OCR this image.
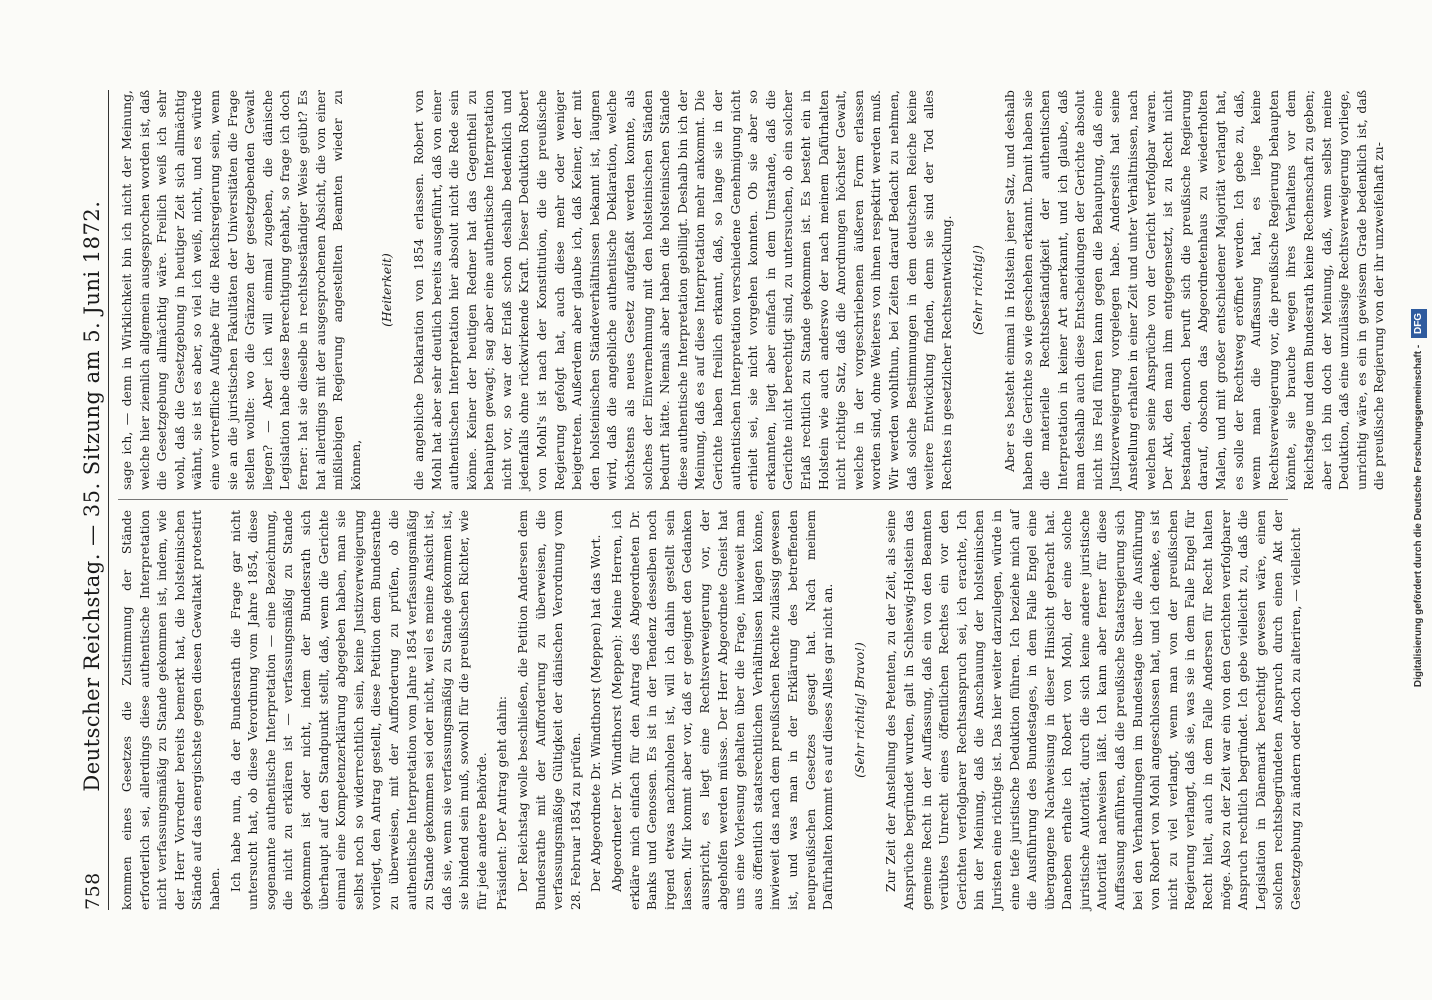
758
Deutscher Reichstag. — 35. Sitzung am 5. Juni 1872. kommen eines Gesetzes die Zustimmung der Stände erforderlich sei, allerdings diese authentische Interpretation nicht verfassungsmäßig zu Stande gekommen ist, indem, wie der Herr Vorredner bereits bemerkt hat, die holsteinischen Stände auf das energischste gegen diesen Gewaltakt protestirt haben. Ich habe nun, da der Bundesrath die Frage gar nicht untersucht hat, ob diese Verordnung vom Jahre 1854, diese sogenannte authentische Interpretation — eine Bezeichnung, die nicht zu erklären ist — verfassungsmäßig zu Stande gekommen ist oder nicht, indem der Bundesrath sich überhaupt auf den Standpunkt stellt, daß, wenn die Gerichte einmal eine Kompetenzerklärung abgegeben haben, man sie selbst noch so widerrechtlich sein, keine Justizverweigerung vorliegt, den Antrag gestellt, diese Petition dem Bundesrathe zu überweisen, mit der Aufforderung zu prüfen, ob die authentische Interpretation vom Jahre 1854 verfassungsmäßig zu Stande gekommen sei oder nicht, weil es meine Ansicht ist, daß sie, wenn sie verfassungsmäßig zu Stande gekommen ist, sie bindend sein muß, sowohl für die preußischen Richter, wie für jede andere Behörde. Präsident: Der Antrag geht dahin: Der Reichstag wolle beschließen, die Petition Andersen dem Bundesrathe mit der Aufforderung zu überweisen, die verfassungsmäßige Gültigkeit der dänischen Verordnung vom 28. Februar 1854 zu prüfen. Der Abgeordnete Dr. Windthorst (Meppen) hat das Wort. Abgeordneter Dr. Windthorst (Meppen): Meine Herren, ich erkläre mich einfach für den Antrag des Abgeordneten Dr. Banks und Genossen. Es ist in der Tendenz desselben noch irgend etwas nachzuholen ist, will ich dahin gestellt sein lassen. Mir kommt aber vor, daß er geeignet den Gedanken ausspricht, es liegt eine Rechtsverweigerung vor, der abgeholfen werden müsse. Der Herr Abgeordnete Gneist hat uns eine Vorlesung gehalten über die Frage, inwieweit man aus öffentlich staatsrechtlichen Verhältnissen klagen könne, inwieweit das nach dem preußischen Rechte zulässig gewesen ist, und was man in der Erklärung des betreffenden neupreußischen Gesetzes gesagt hat. Nach meinem Dafürhalten kommt es auf dieses Alles gar nicht an. (Sehr richtig! Bravo!) Zur Zeit der Anstellung des Petenten, zu der Zeit, als seine Ansprüche begründet wurden, galt in Schleswig-Holstein das gemeine Recht in der Auffassung, daß ein von den Beamten verübtes Unrecht eines öffentlichen Rechtes ein vor den Gerichten verfolgbarer Rechtsanspruch sei, ich erachte, Ich bin der Meinung, daß die Anschauung der holsteinischen Juristen eine richtige ist. Das hier weiter darzulegen, würde in eine tiefe juristische Deduktion führen. Ich beziehe mich auf die Ausführung des Bundestages, in dem Falle Engel eine übergangene Nachweisung in dieser Hinsicht gebracht hat. Daneben erhalte ich Robert von Mohl, der eine solche juristische Autorität, durch die sich keine andere juristische Autorität nachweisen läßt. Ich kann aber ferner für diese Auffassung anführen, daß die preußische Staatsregierung sich bei den Verhandlungen im Bundestage über die Ausführung von Robert von Mohl angeschlossen hat, und ich denke, es ist nicht zu viel verlangt, wenn man von der preußischen Regierung verlangt, daß sie, was sie in dem Falle Engel für Recht hielt, auch in dem Falle Andersen für Recht halten möge. Also zu der Zeit war ein von den Gerichten verfolgbarer Anspruch rechtlich begründet. Ich gebe vielleicht zu, daß die Legislation in Dänemark berechtigt gewesen wäre, einen solchen rechtsbegründeten Anspruch durch einen Akt der Gesetzgebung zu ändern oder doch zu alteriren, — vielleicht

sage ich, — denn in Wirklichkeit bin ich nicht der Meinung, welche hier ziemlich allgemein ausgesprochen worden ist, daß die Gesetzgebung allmächtig wäre. Freilich weiß ich sehr wohl, daß die Gesetzgebung in heutiger Zeit sich allmächtig wähnt, sie ist es aber, so viel ich weiß, nicht, und es würde eine vortreffliche Aufgabe für die Reichsregierung sein, wenn sie an die juristischen Fakultäten der Universitäten die Frage stellen wollte: wo die Gränzen der gesetzgebenden Gewalt liegen? — Aber ich will einmal zugeben, die dänische Legislation habe diese Berechtigung gehabt, so frage ich doch ferner: hat sie dieselbe in rechtsbeständiger Weise geübt? Es hat allerdings mit der ausgesprochenen Absicht, die von einer mißliebigen Regierung angestellten Beamten wieder zu können,

(Heiterkeit) die angebliche Deklaration von 1854 erlassen. Robert von Mohl hat aber sehr deutlich bereits ausgeführt, daß von einer authentischen Interpretation hier absolut nicht die Rede sein könne. Keiner der heutigen Redner hat das Gegentheil zu behaupten gewagt; sag aber eine authentische Interpretation nicht vor, so war der Erlaß schon deshalb bedenklich und jedenfalls ohne rückwirkende Kraft. Dieser Deduktion Robert von Mohl's ist nach der Konstitution, die die preußische Regierung gefolgt hat, auch diese mehr oder weniger beigetreten. Außerdem aber glaube ich, daß Keiner, der mit den holsteinischen Ständeverhältnissen bekannt ist, läugnen wird, daß die angebliche authentische Deklaration, welche höchstens als neues Gesetz aufgefaßt werden konnte, als solches der Einvernehmung mit den holsteinischen Ständen bedurft hätte. Niemals aber haben die holsteinischen Stände diese authentische Interpretation gebilligt. Deshalb bin ich der Meinung, daß es auf diese Interpretation mehr ankommt. Die Gerichte haben freilich erkannt, daß, so lange sie in der authentischen Interpretation verschiedene Genehmigung nicht erhielt sei, sie nicht vorgehen konnten. Ob sie aber so erkannten, liegt aber einfach in dem Umstande, daß die Gerichte nicht berechtigt sind, zu untersuchen, ob ein solcher Erlaß rechtlich zu Stande gekommen ist. Es besteht ein in Holstein wie auch anderswo der nach meinem Dafürhalten nicht richtige Satz, daß die Anordnungen höchster Gewalt, welche in der vorgeschriebenen äußeren Form erlassen worden sind, ohne Weiteres von ihnen respektirt werden muß. Wir werden wohlthun, bei Zeiten darauf Bedacht zu nehmen, daß solche Bestimmungen in dem deutschen Reiche keine weitere Entwicklung finden, denn sie sind der Tod alles Rechtes in gesetzlicher Rechtsentwicklung. (Sehr richtig!) Aber es besteht einmal in Holstein jener Satz, und deshalb haben die Gerichte so wie geschehen erkannt. Damit haben sie die materielle Rechtsbeständigkeit der authentischen Interpretation in keiner Art anerkannt, und ich glaube, daß man deshalb auch diese Entscheidungen der Gerichte absolut nicht ins Feld führen kann gegen die Behauptung, daß eine Justizverweigerung vorgelegen habe. Anderseits hat seine Anstellung erhalten in einer Zeit und unter Verhältnissen, nach welchen seine Ansprüche von der Gericht verfolgbar waren. Der Akt, den man ihm entgegensetzt, ist zu Recht nicht bestanden, dennoch beruft sich die preußische Regierung darauf, obschon das Abgeordnetenhaus zu wiederholten Malen, und mit großer entschiedener Majorität verlangt hat, es solle der Rechtsweg eröffnet werden. Ich gebe zu, daß, wenn man die Auffassung hat, es liege keine Rechtsverweigerung vor, die preußische Regierung behaupten könnte, sie brauche wegen ihres Verhaltens vor dem Reichstage und dem Bundesrath keine Rechenschaft zu geben; aber ich bin doch der Meinung, daß, wenn selbst meine Deduktion, daß eine unzulässige Rechtsverweigerung vorliege, unrichtig wäre, es ein in gewissem Grade bedenklich ist, daß die preußische Regierung von der ihr unzweifelhaft zu-

Digitalisierung gefördert durch die Deutsche Forschungsgemeinschaft - DFG
